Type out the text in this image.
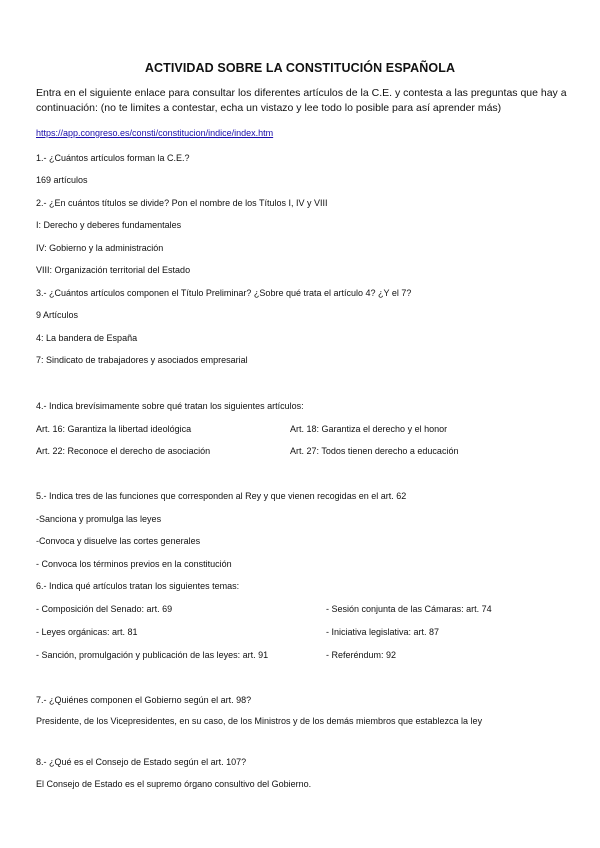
ACTIVIDAD SOBRE LA CONSTITUCIÓN ESPAÑOLA
Entra en el siguiente enlace para consultar los diferentes artículos de la C.E. y contesta a las preguntas que hay a continuación: (no te limites a contestar, echa un vistazo y lee todo lo posible para así aprender más)
https://app.congreso.es/consti/constitucion/indice/index.htm
1.- ¿Cuántos artículos forman la C.E.?
169 artículos
2.- ¿En cuántos títulos se divide? Pon el nombre de los Títulos I, IV y VIII
I: Derecho y deberes fundamentales
IV: Gobierno y la administración
VIII: Organización territorial del Estado
3.- ¿Cuántos artículos componen el Título Preliminar? ¿Sobre qué trata el artículo 4? ¿Y el 7?
9 Artículos
4: La bandera de España
7: Sindicato de trabajadores y asociados empresarial
4.- Indica brevísimamente sobre qué tratan los siguientes artículos:
Art. 16: Garantiza la libertad ideológica	Art. 18: Garantiza el derecho y el honor
Art. 22: Reconoce el derecho de asociación	Art. 27: Todos tienen derecho a educación
5.- Indica tres de las funciones que corresponden al Rey y que vienen recogidas en el art. 62
-Sanciona y promulga las leyes
-Convoca y disuelve las cortes generales
- Convoca los términos previos en la constitución
6.- Indica qué artículos tratan los siguientes temas:
- Composición del Senado: art. 69	- Sesión conjunta de las Cámaras: art. 74
- Leyes orgánicas: art. 81	- Iniciativa legislativa: art. 87
- Sanción, promulgación y publicación de las leyes: art. 91	- Referéndum: 92
7.- ¿Quiénes componen el Gobierno según el art. 98?
Presidente, de los Vicepresidentes, en su caso, de los Ministros y de los demás miembros que establezca la ley
8.- ¿Qué es el Consejo de Estado según el art. 107?
El Consejo de Estado es el supremo órgano consultivo del Gobierno.
